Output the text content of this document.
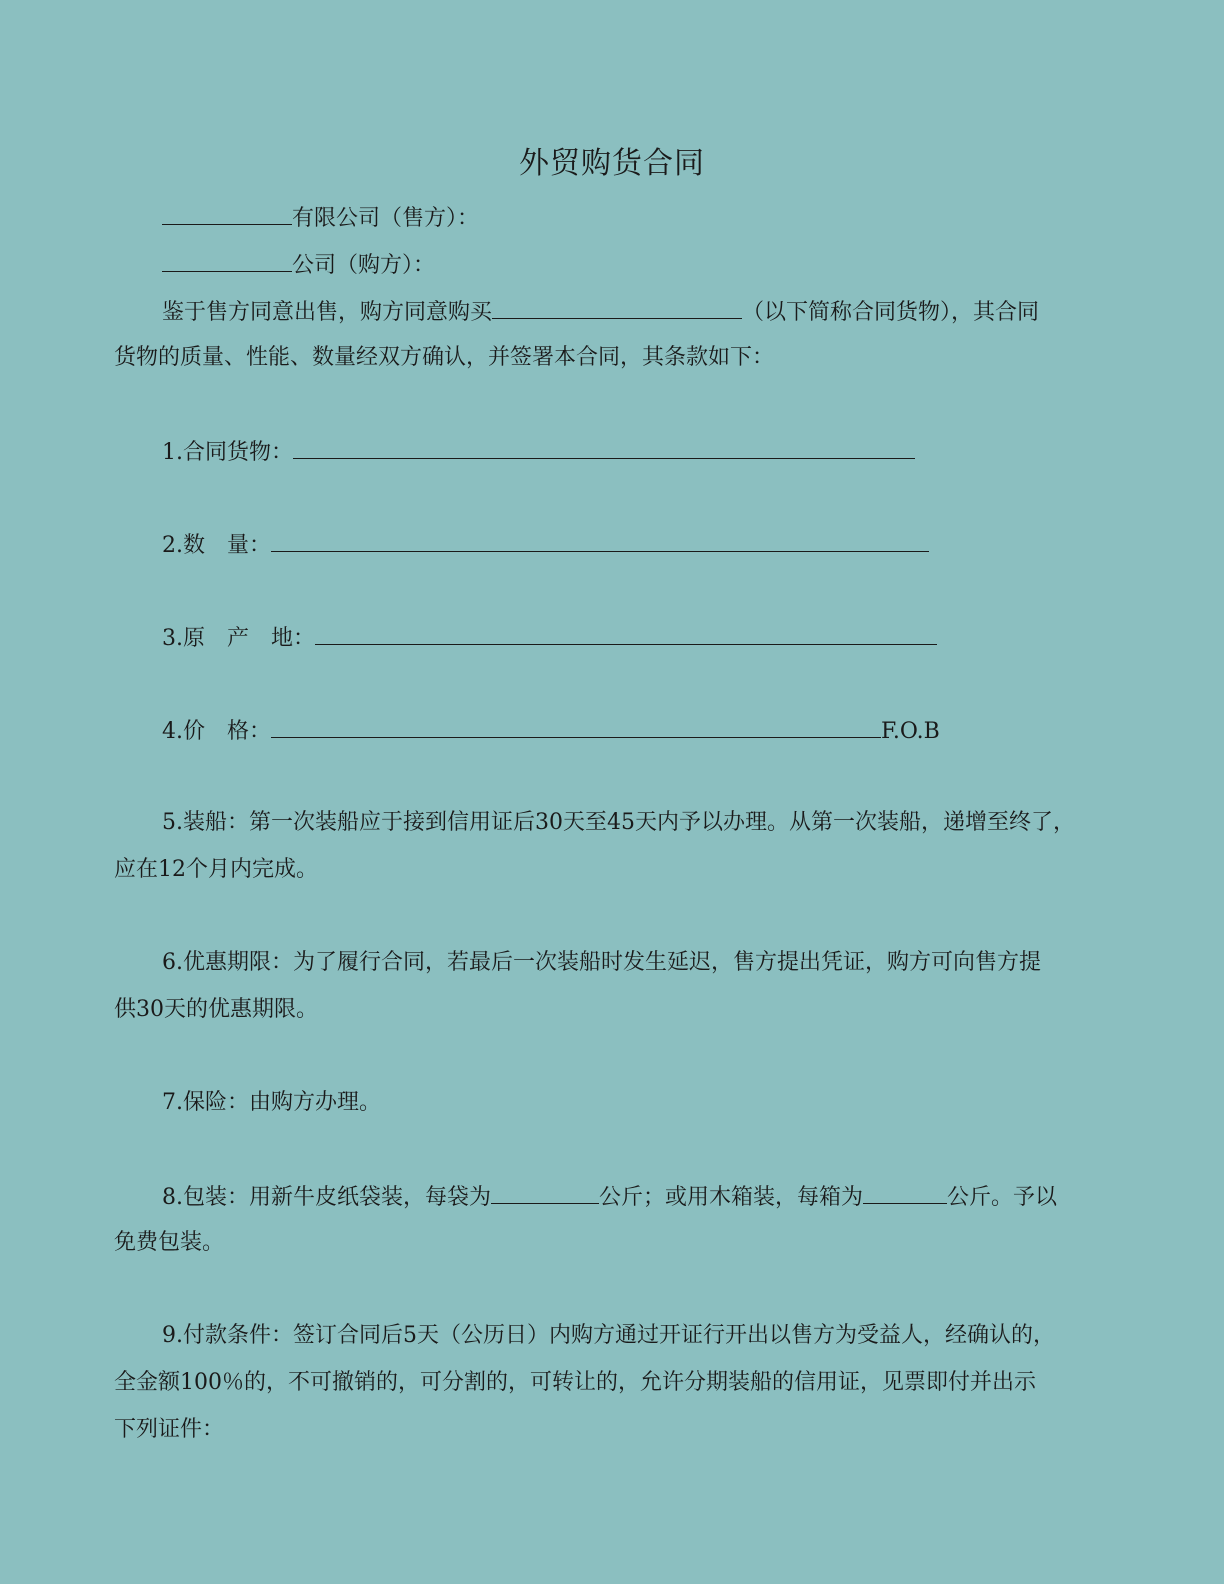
外贸购货合同
有限公司（售方）：
公司（购方）：
鉴于售方同意出售，购方同意购买	（以下简称合同货物），其合同
货物的质量、性能、数量经双方确认，并签署本合同，其条款如下：
1.合同货物：
2.数　量：
3.原　产　地：
4.价　格：	F.O.B
5.装船：第一次装船应于接到信用证后30天至45天内予以办理。从第一次装船，递增至终了，
应在12个月内完成。
6.优惠期限：为了履行合同，若最后一次装船时发生延迟，售方提出凭证，购方可向售方提
供30天的优惠期限。
7.保险：由购方办理。
8.包装：用新牛皮纸袋装，每袋为	公斤；或用木箱装，每箱为	公斤。予以
免费包装。
9.付款条件：签订合同后5天（公历日）内购方通过开证行开出以售方为受益人，经确认的，
全金额100％的，不可撤销的，可分割的，可转让的，允许分期装船的信用证，见票即付并出示
下列证件：
